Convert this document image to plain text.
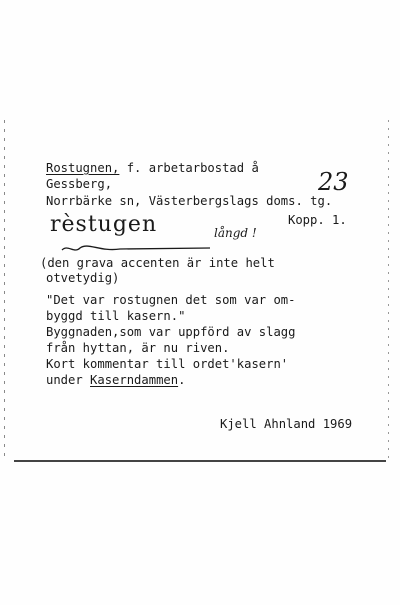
Rostugnen, f. arbetarbostad å
Gessberg,	23
Norrbärke sn, Västerbergslags doms. tg.
Kopp. 1.
rèstugen	långd !
(den grava accenten är inte helt
otvetydig)
"Det var rostugnen det som var om-
byggd till kasern."
Byggnaden,som var uppförd av slagg
från hyttan, är nu riven.
Kort kommentar till ordet'kasern'
under Kaserndammen.
Kjell Ahnland 1969
